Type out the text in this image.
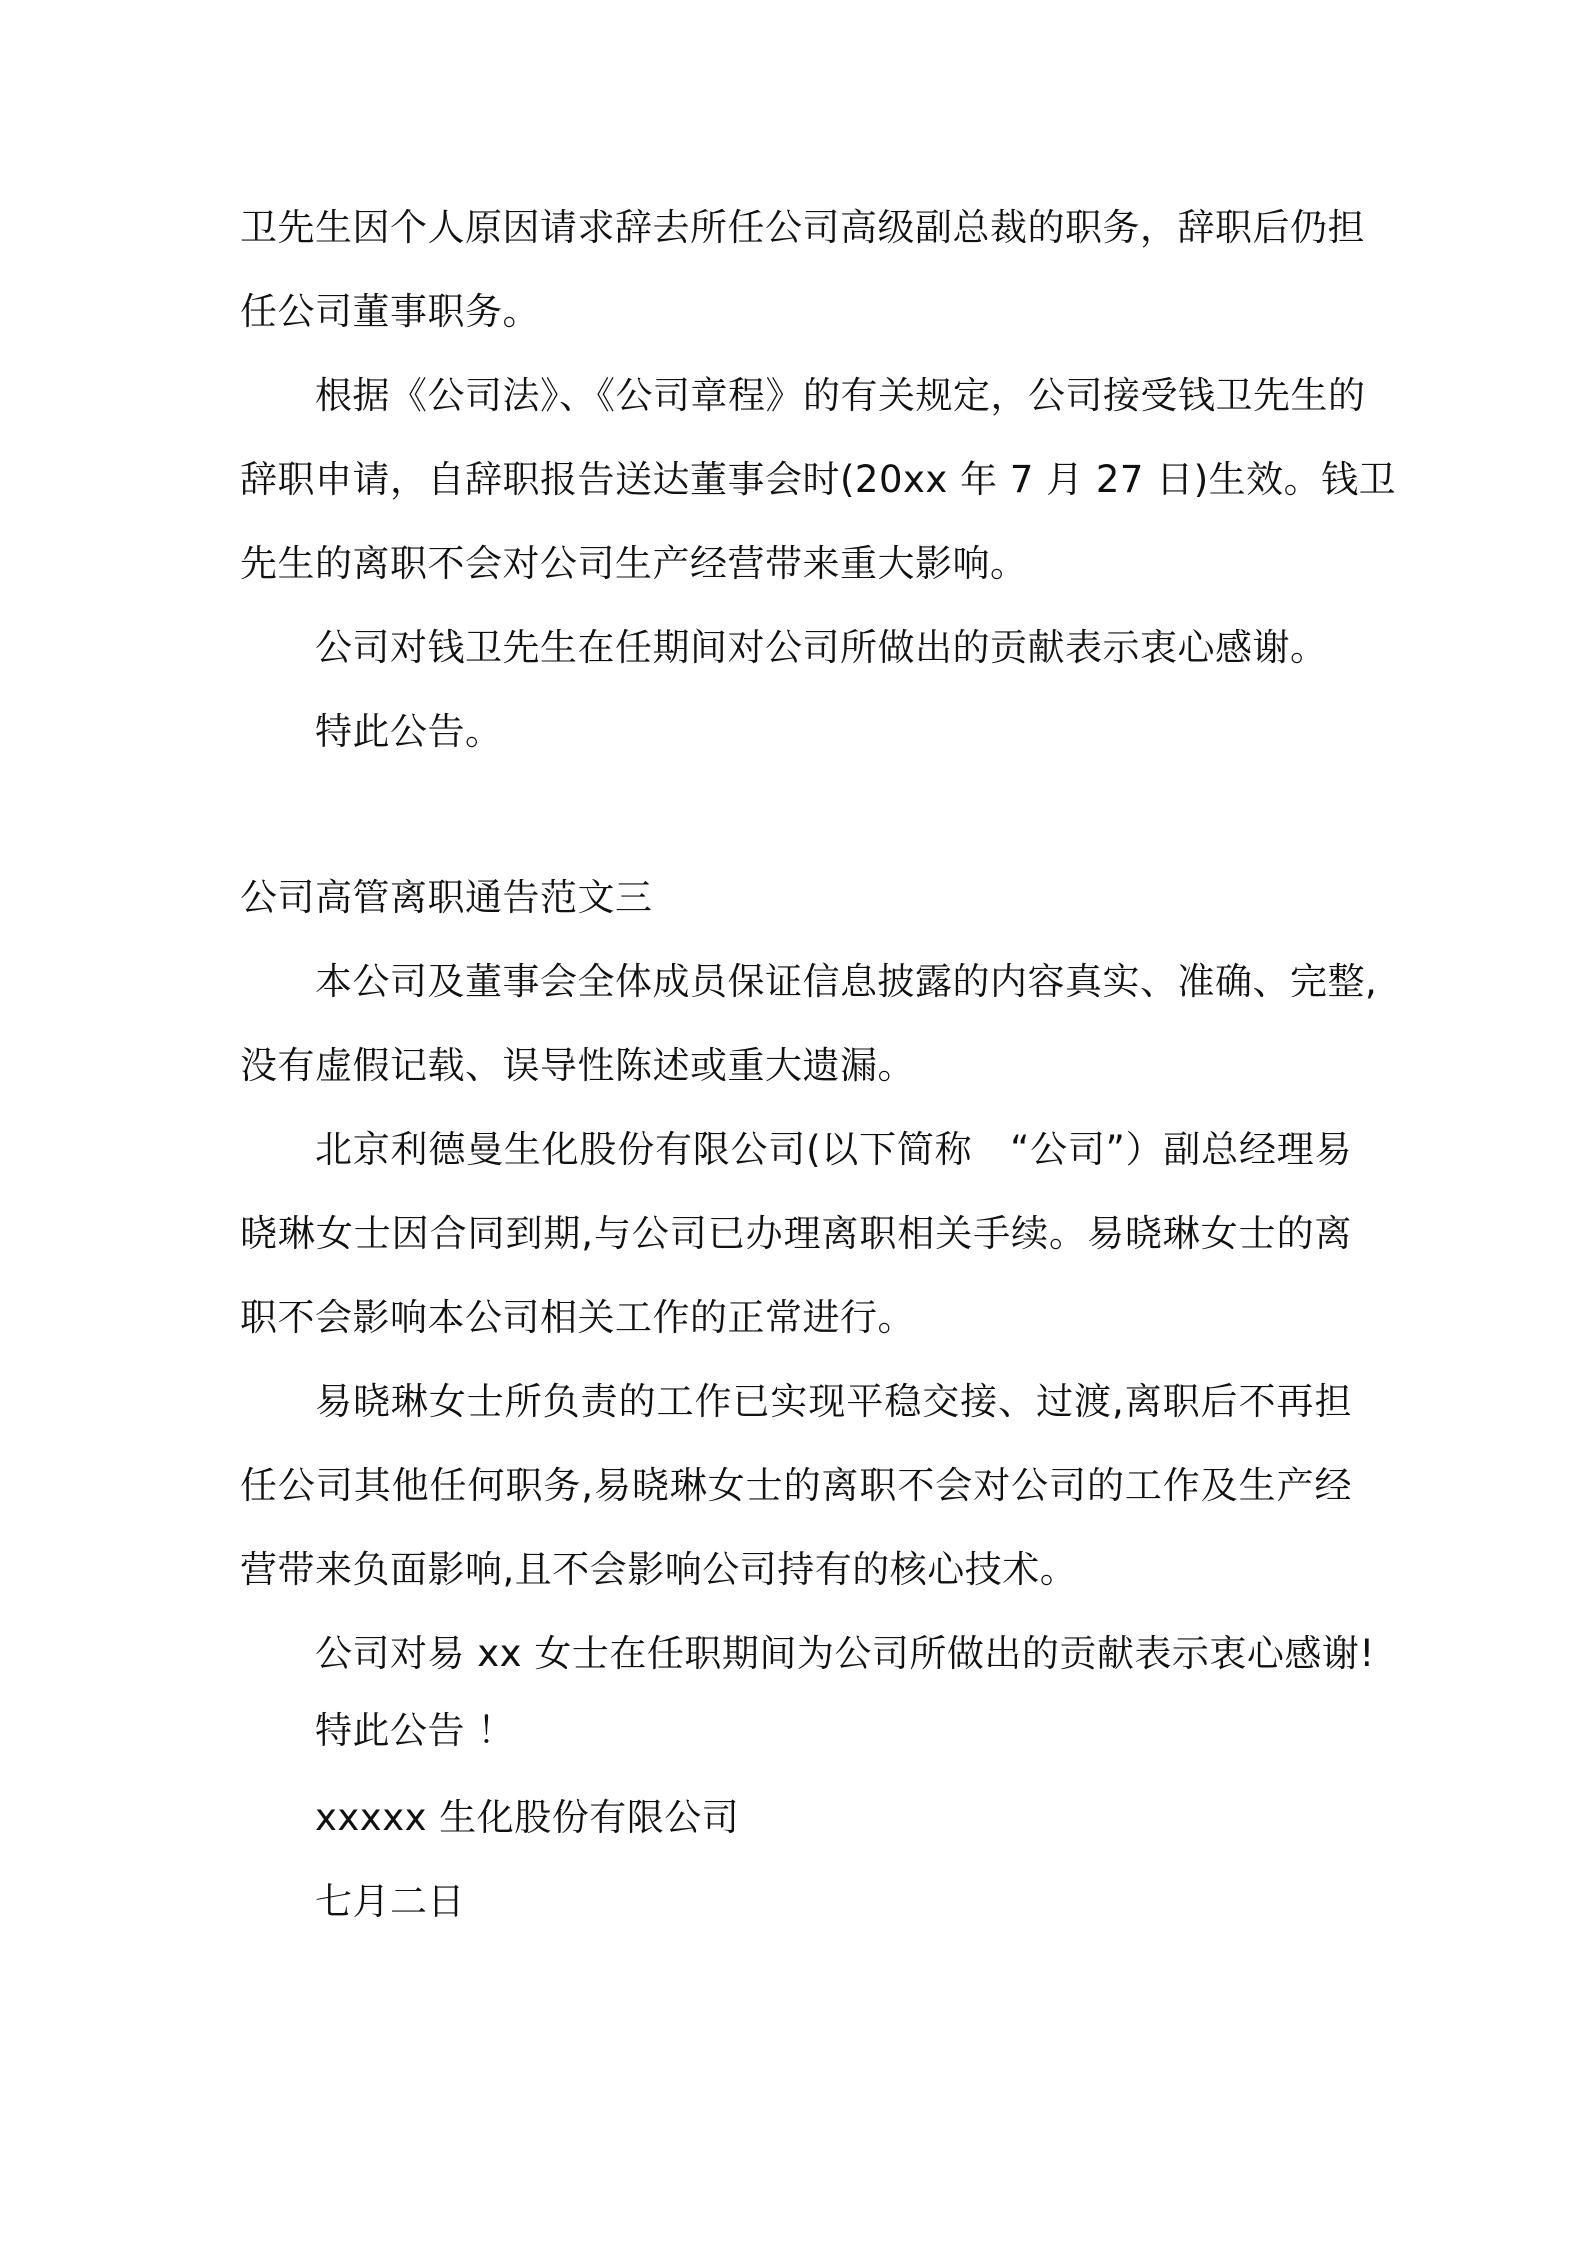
卫先生因个人原因请求辞去所任公司高级副总裁的职务，辞职后仍担
任公司董事职务。
根据《公司法》、《公司章程》的有关规定，公司接受钱卫先生的
辞职申请，自辞职报告送达董事会时(20xx 年 7 月 27 日)生效。钱卫
先生的离职不会对公司生产经营带来重大影响。
公司对钱卫先生在任期间对公司所做出的贡献表示衷心感谢。
特此公告。
公司高管离职通告范文三
本公司及董事会全体成员保证信息披露的内容真实、准确、完整,
没有虚假记载、误导性陈述或重大遗漏。
北京利德曼生化股份有限公司(以下简称　“公司”）副总经理易
晓琳女士因合同到期,与公司已办理离职相关手续。易晓琳女士的离
职不会影响本公司相关工作的正常进行。
易晓琳女士所负责的工作已实现平稳交接、过渡,离职后不再担
任公司其他任何职务,易晓琳女士的离职不会对公司的工作及生产经
营带来负面影响,且不会影响公司持有的核心技术。
公司对易 xx 女士在任职期间为公司所做出的贡献表示衷心感谢!
特此公告 ！
xxxxx 生化股份有限公司
七月二日
